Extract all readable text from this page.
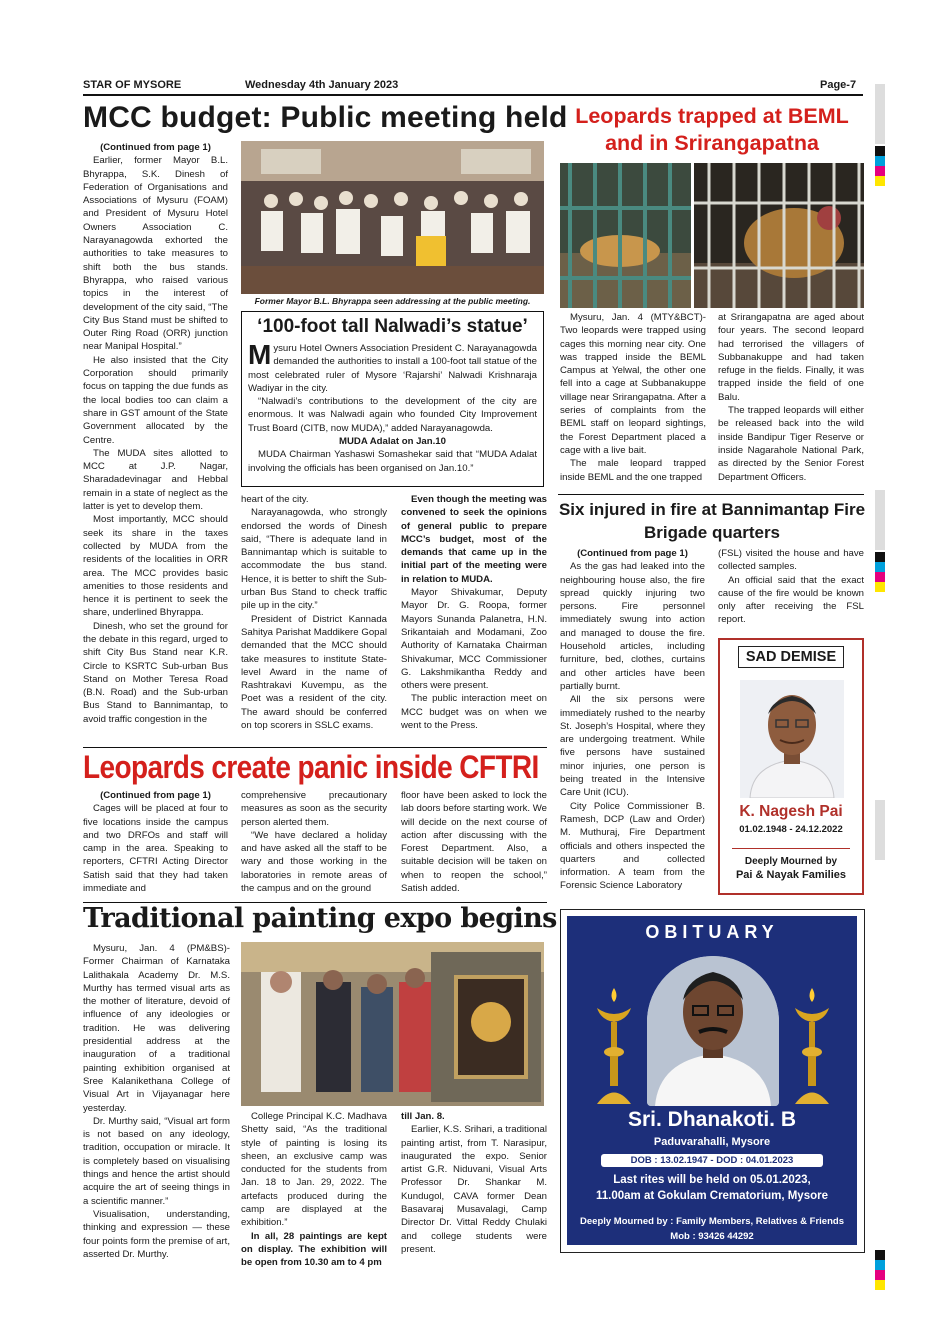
STAR OF MYSORE	Wednesday 4th January 2023	Page-7
MCC budget: Public meeting held
(Continued from page 1)

Earlier, former Mayor B.L. Bhyrappa, S.K. Dinesh of Federation of Organisations and Associations of Mysuru (FOAM) and President of Mysuru Hotel Owners Association C. Narayanagowda exhorted the authorities to take measures to shift both the bus stands. Bhyrappa, who raised various topics in the interest of development of the city said, “The City Bus Stand must be shifted to Outer Ring Road (ORR) junction near Manipal Hospital.”

He also insisted that the City Corporation should primarily focus on tapping the due funds as the local bodies too can claim a share in GST amount of the State Government allocated by the Centre.

The MUDA sites allotted to MCC at J.P. Nagar, Sharadadevinagar and Hebbal remain in a state of neglect as the latter is yet to develop them.

Most importantly, MCC should seek its share in the taxes collected by MUDA from the residents of the localities in ORR area. The MCC provides basic amenities to those residents and hence it is pertinent to seek the share, underlined Bhyrappa.

Dinesh, who set the ground for the debate in this regard, urged to shift City Bus Stand near K.R. Circle to KSRTC Sub-urban Bus Stand on Mother Teresa Road (B.N. Road) and the Sub-urban Bus Stand to Bannimantap, to avoid traffic congestion in the

Former Mayor B.L. Bhyrappa seen addressing at the public meeting.
‘100-foot tall Nalwadi’s statue’
M ysuru Hotel Owners Association President C. Narayanagowda demanded the authorities to install a 100-foot tall statue of the most celebrated ruler of Mysore ‘Rajarshi’ Nalwadi Krishnaraja Wadiyar in the city.

“Nalwadi’s contributions to the development of the city are enormous. It was Nalwadi again who founded City Improvement Trust Board (CITB, now MUDA),” added Narayanagowda.

MUDA Adalat on Jan.10

MUDA Chairman Yashaswi Somashekar said that “MUDA Adalat involving the officials has been organised on Jan.10.”

heart of the city.

Narayanagowda, who strongly endorsed the words of Dinesh said, “There is adequate land in Bannimantap which is suitable to accommodate the bus stand. Hence, it is better to shift the Sub-urban Bus Stand to check traffic pile up in the city.”

President of District Kannada Sahitya Parishat Maddikere Gopal demanded that the MCC should take measures to institute State-level Award in the name of Rashtrakavi Kuvempu, as the Poet was a resident of the city. The award should be conferred on top scorers in SSLC exams.

Even though the meeting was convened to seek the opinions of general public to prepare MCC’s budget, most of the demands that came up in the initial part of the meeting were in relation to MUDA.

Mayor Shivakumar, Deputy Mayor Dr. G. Roopa, former Mayors Sunanda Palanetra, H.N. Srikantaiah and Modamani, Zoo Authority of Karnataka Chairman Shivakumar, MCC Commissioner G. Lakshmikantha Reddy and others were present.

The public interaction meet on MCC budget was on when we went to the Press.

Leopards create panic inside CFTRI
(Continued from page 1)

Cages will be placed at four to five locations inside the campus and two DRFOs and staff will camp in the area. Speaking to reporters, CFTRI Acting Director Satish said that they had taken immediate and

comprehensive precautionary measures as soon as the security person alerted them.

“We have declared a holiday and have asked all the staff to be wary and those working in the laboratories in remote areas of the campus and on the ground

floor have been asked to lock the lab doors before starting work. We will decide on the next course of action after discussing with the Forest Department. Also, a suitable decision will be taken on when to reopen the school,” Satish added.

Traditional painting expo begins

Mysuru, Jan. 4 (PM&BS)- Former Chairman of Karnataka Lalithakala Academy Dr. M.S. Murthy has termed visual arts as the mother of literature, devoid of influence of any ideologies or tradition. He was delivering presidential address at the inauguration of a traditional painting exhibition organised at Sree Kalanikethana College of Visual Art in Vijayanagar here yesterday.

Dr. Murthy said, “Visual art form is not based on any ideology, tradition, occupation or miracle. It is completely based on visualising things and hence the artist should acquire the art of seeing things in a scientific manner.”

Visualisation, understanding, thinking and expression — these four points form the premise of art, asserted Dr. Murthy.

College Principal K.C. Madhava Shetty said, “As the traditional style of painting is losing its sheen, an exclusive camp was conducted for the students from Jan. 18 to Jan. 29, 2022. The artefacts produced during the camp are displayed at the exhibition.”

In all, 28 paintings are kept on display. The exhibition will be open from 10.30 am to 4 pm

till Jan. 8.

Earlier, K.S. Srihari, a traditional painting artist, from T. Narasipur, inaugurated the expo. Senior artist G.R. Niduvani, Visual Arts Professor Dr. Shankar M. Kundugol, CAVA former Dean Basavaraj Musavalagi, Camp Director Dr. Vittal Reddy Chulaki and college students were present.

Leopards trapped at BEML and in Srirangapatna

Mysuru, Jan. 4 (MTY&BCT)- Two leopards were trapped using cages this morning near city. One was trapped inside the BEML Campus at Yelwal, the other one fell into a cage at Subbanakuppe village near Srirangapatna. After a series of complaints from the BEML staff on leopard sightings, the Forest Department placed a cage with a live bait.

The male leopard trapped inside BEML and the one trapped

at Srirangapatna are aged about four years. The second leopard had terrorised the villagers of Subbanakuppe and had taken refuge in the fields. Finally, it was trapped inside the field of one Balu.

The trapped leopards will either be released back into the wild inside Bandipur Tiger Reserve or inside Nagarahole National Park, as directed by the Senior Forest Department Officers.

Six injured in fire at Bannimantap Fire Brigade quarters
(Continued from page 1)

As the gas had leaked into the neighbouring house also, the fire spread quickly injuring two persons. Fire personnel immediately swung into action and managed to douse the fire. Household articles, including furniture, bed, clothes, curtains and other articles have been partially burnt.

All the six persons were immediately rushed to the nearby St. Joseph’s Hospital, where they are undergoing treatment. While five persons have sustained minor injuries, one person is being treated in the Intensive Care Unit (ICU).

City Police Commissioner B. Ramesh, DCP (Law and Order) M. Muthuraj, Fire Department officials and others inspected the quarters and collected information. A team from the Forensic Science Laboratory

(FSL) visited the house and have collected samples.

An official said that the exact cause of the fire would be known only after receiving the FSL report.

SAD DEMISE
K. Nagesh Pai
01.02.1948 - 24.12.2022
Deeply Mourned by
Pai & Nayak Families
OBITUARY
Sri. Dhanakoti. B
Paduvarahalli, Mysore
DOB : 13.02.1947 - DOD : 04.01.2023
Last rites will be held on 05.01.2023,
11.00am at Gokulam Crematorium, Mysore
Deeply Mourned by : Family Members, Relatives & Friends
Mob : 93426 44292
